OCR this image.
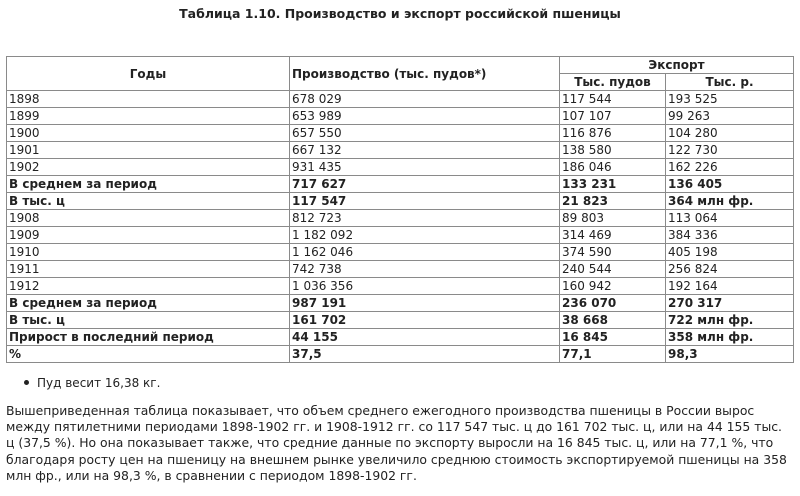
Таблица 1.10. Производство и экспорт российской пшеницы
Годы	Производство (тыс. пудов*)	Экспорт	
		Тыс. пудов	Тыс. р.
1898	678 029	117 544	193 525
1899	653 989	107 107	99 263
1900	657 550	116 876	104 280
1901	667 132	138 580	122 730
1902	931 435	186 046	162 226
В среднем за период	717 627	133 231	136 405
В тыс. ц	117 547	21 823	364 млн фр.
1908	812 723	89 803	113 064
1909	1 182 092	314 469	384 336
1910	1 162 046	374 590	405 198
1911	742 738	240 544	256 824
1912	1 036 356	160 942	192 164
В среднем за период	987 191	236 070	270 317
В тыс. ц	161 702	38 668	722 млн фр.
Прирост в последний период	44 155	16 845	358 млн фр.
%	37,5	77,1	98,3
Пуд весит 16,38 кг.

Вышеприведенная таблица показывает, что объем среднего ежегодного производства пшеницы в России вырос между пятилетними периодами 1898-1902 гг. и 1908-1912 гг. со 117 547 тыс. ц до 161 702 тыс. ц, или на 44 155 тыс. ц (37,5 %). Но она показывает также, что средние данные по экспорту выросли на 16 845 тыс. ц, или на 77,1 %, что благодаря росту цен на пшеницу на внешнем рынке увеличило среднюю стоимость экспортируемой пшеницы на 358 млн фр., или на 98,3 %, в сравнении с периодом 1898-1902 гг.
